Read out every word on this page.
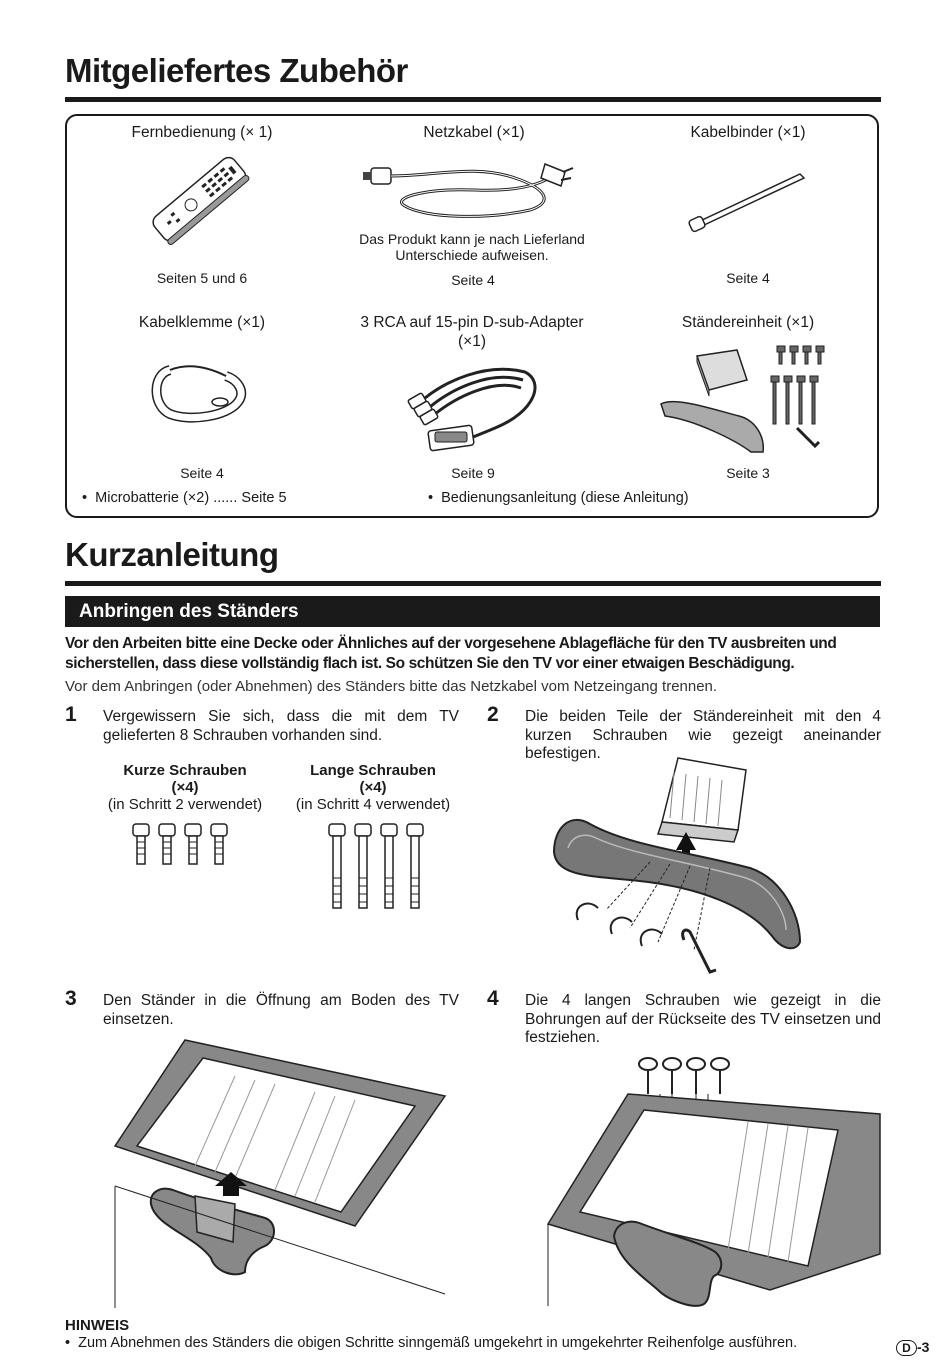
Mitgeliefertes Zubehör
Fernbedienung (× 1)	Netzkabel (×1)	Kabelbinder (×1)
Das Produkt kann je nach Lieferland Unterschiede aufweisen.
Seiten 5 und 6	Seite 4	Seite 4
Kabelklemme (×1)	3 RCA auf 15-pin D-sub-Adapter (×1)
Ständereinheit (×1)
Seite 4	Seite 9	Seite 3
•  Microbatterie (×2) ...... Seite 5	•  Bedienungsanleitung (diese Anleitung)
Kurzanleitung
Anbringen des Ständers
Vor den Arbeiten bitte eine Decke oder Ähnliches auf der vorgesehene Ablagefläche für den TV ausbreiten und sicherstellen, dass diese vollständig flach ist. So schützen Sie den TV vor einer etwaigen Beschädigung.
Vor dem Anbringen (oder Abnehmen) des Ständers bitte das Netzkabel vom Netzeingang trennen.
1 Vergewissern Sie sich, dass die mit dem TV gelieferten 8 Schrauben vorhanden sind.
Kurze Schrauben
(×4)
(in Schritt 2 verwendet)
Lange Schrauben
(×4)
(in Schritt 4 verwendet)
2 Die beiden Teile der Ständereinheit mit den 4 kurzen Schrauben wie gezeigt aneinander befestigen.
3 Den Ständer in die Öffnung am Boden des TV einsetzen.
4 Die 4 langen Schrauben wie gezeigt in die Bohrungen auf der Rückseite des TV einsetzen und festziehen.
HINWEIS
•  Zum Abnehmen des Ständers die obigen Schritte sinngemäß umgekehrt in umgekehrter Reihenfolge ausführen.	D -3
